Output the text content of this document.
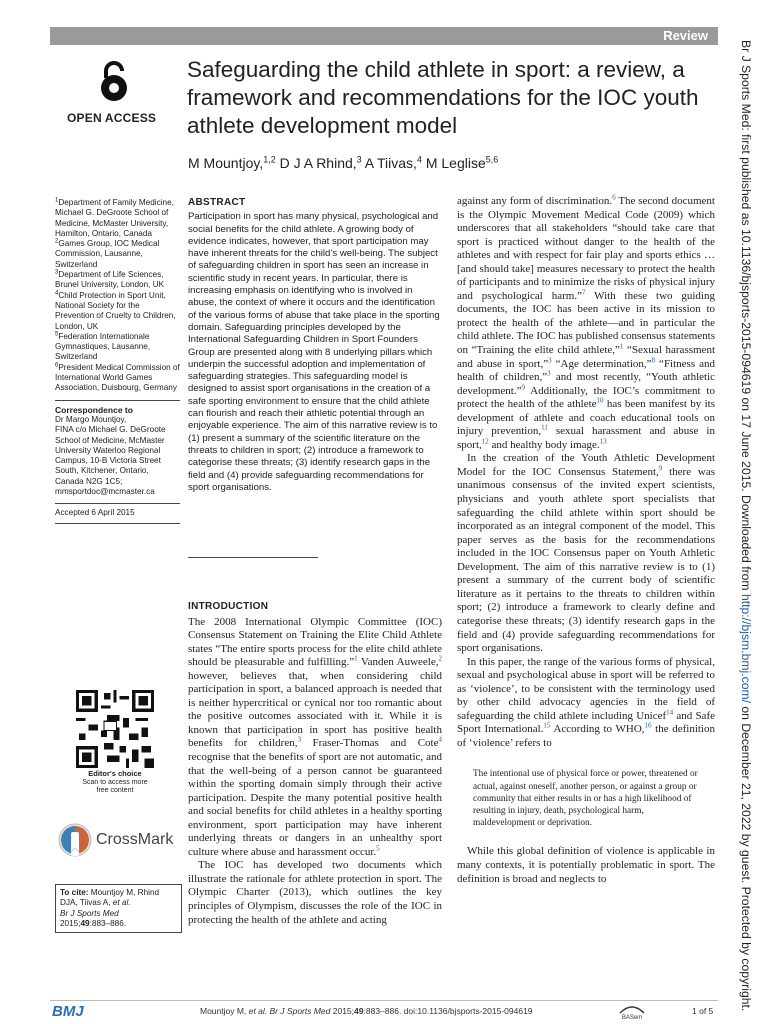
Review
OPEN ACCESS
Safeguarding the child athlete in sport: a review, a framework and recommendations for the IOC youth athlete development model
M Mountjoy,$^{1,2}$ D J A Rhind,$^3$ A Tiivas,$^4$ M Leglise$^{5,6}$

$^1$Department of Family Medicine, Michael G. DeGroote School of Medicine, McMaster University, Hamilton, Ontario, Canada

$^2$Games Group, IOC Medical Commission, Lausanne, Switzerland

$^3$Department of Life Sciences, Brunel University, London, UK

$^4$Child Protection in Sport Unit, National Society for the Prevention of Cruelty to Children, London, UK

$^5$Federation Internationale Gymnastiques, Lausanne, Switzerland

$^6$President Medical Commission of International World Games Association, Duisbourg, Germany

Correspondence to

Dr Margo Mountjoy,

FINA c/o Michael G. DeGroote

School of Medicine, McMaster

University Waterloo Regional

Campus, 10-B Victoria Street

South, Kitchener, Ontario,

Canada N2G 1C5;

mmsportdoc@mcmaster.ca

Accepted 6 April 2015

Editor's choice
Scan to access more
free content
CrossMark
To cite: Mountjoy M, Rhind DJA, Tiivas A, et al.
Br J Sports Med
2015;49:883–886.
ABSTRACT
Participation in sport has many physical, psychological and social benefits for the child athlete. A growing body of evidence indicates, however, that sport participation may have inherent threats for the child’s well-being. The subject of safeguarding children in sport has seen an increase in scientific study in recent years. In particular, there is increasing emphasis on identifying who is involved in abuse, the context of where it occurs and the identification of the various forms of abuse that take place in the sporting domain. Safeguarding principles developed by the International Safeguarding Children in Sport Founders Group are presented along with 8 underlying pillars which underpin the successful adoption and implementation of safeguarding strategies. This safeguarding model is designed to assist sport organisations in the creation of a safe sporting environment to ensure that the child athlete can flourish and reach their athletic potential through an enjoyable experience. The aim of this narrative review is to (1) present a summary of the scientific literature on the threats to children in sport; (2) introduce a framework to categorise these threats; (3) identify research gaps in the field and (4) provide safeguarding recommendations for sport organisations.
INTRODUCTION

The 2008 International Olympic Committee (IOC) Consensus Statement on Training the Elite Child Athlete states “The entire sports process for the elite child athlete should be pleasurable and fulfilling.”$^1$ Vanden Auweele,$^2$ however, believes that, when considering child participation in sport, a balanced approach is needed that is neither hypercritical or cynical nor too romantic about the positive outcomes associated with it. While it is known that participation in sport has positive health benefits for children,$^3$ Fraser-Thomas and Cote$^4$ recognise that the benefits of sport are not automatic, and that the well-being of a person cannot be guaranteed within the sporting domain simply through their active participation. Despite the many potential positive health and social benefits for child athletes in a healthy sporting environment, sport participation may have inherent underlying threats or dangers in an unhealthy sport culture where abuse and harassment occur.$^5$

The IOC has developed two documents which illustrate the rationale for athlete protection in sport. The Olympic Charter (2013), which outlines the key principles of Olympism, discusses the role of the IOC in protecting the health of the athlete and acting

against any form of discrimination.$^6$ The second document is the Olympic Movement Medical Code (2009) which underscores that all stakeholders “should take care that sport is practiced without danger to the health of the athletes and with respect for fair play and sports ethics … [and should take] measures necessary to protect the health of participants and to minimize the risks of physical injury and psychological harm.”$^7$ With these two guiding documents, the IOC has been active in its mission to protect the health of the athlete—and in particular the child athlete. The IOC has published consensus statements on “Training the elite child athlete,”$^1$ “Sexual harassment and abuse in sport,”$^3$ “Age determination,”$^8$ “Fitness and health of children,”$^3$ and most recently, “Youth athletic development.”$^9$ Additionally, the IOC’s commitment to protect the health of the athlete$^{10}$ has been manifest by its development of athlete and coach educational tools on injury prevention,$^{11}$ sexual harassment and abuse in sport,$^{12}$ and healthy body image.$^{13}$

In the creation of the Youth Athletic Development Model for the IOC Consensus Statement,$^9$ there was unanimous consensus of the invited expert scientists, physicians and youth athlete sport specialists that safeguarding the child athlete within sport should be incorporated as an integral component of the model. This paper serves as the basis for the recommendations included in the IOC Consensus paper on Youth Athletic Development. The aim of this narrative review is to (1) present a summary of the current body of scientific literature as it pertains to the threats to children within sport; (2) introduce a framework to clearly define and categorise these threats; (3) identify research gaps in the field and (4) provide safeguarding recommendations for sport organisations.

In this paper, the range of the various forms of physical, sexual and psychological abuse in sport will be referred to as ‘violence’, to be consistent with the terminology used by other child advocacy agencies in the field of safeguarding the child athlete including Unicef$^{14}$ and Safe Sport International.$^{15}$ According to WHO,$^{16}$ the definition of ‘violence’ refers to

The intentional use of physical force or power, threatened or actual, against oneself, another person, or against a group or community that either results in or has a high likelihood of resulting in injury, death, psychological harm, maldevelopment or deprivation.

While this global definition of violence is applicable in many contexts, it is potentially problematic in sport. The definition is broad and neglects to

BMJ	Mountjoy M, et al. Br J Sports Med 2015;49:883–886. doi:10.1136/bjsports-2015-094619
BASem
1 of 5
Br J Sports Med: first published as 10.1136/bjsports-2015-094619 on 17 June 2015. Downloaded from http://bjsm.bmj.com/ on December 21, 2022 by guest. Protected by copyright.
